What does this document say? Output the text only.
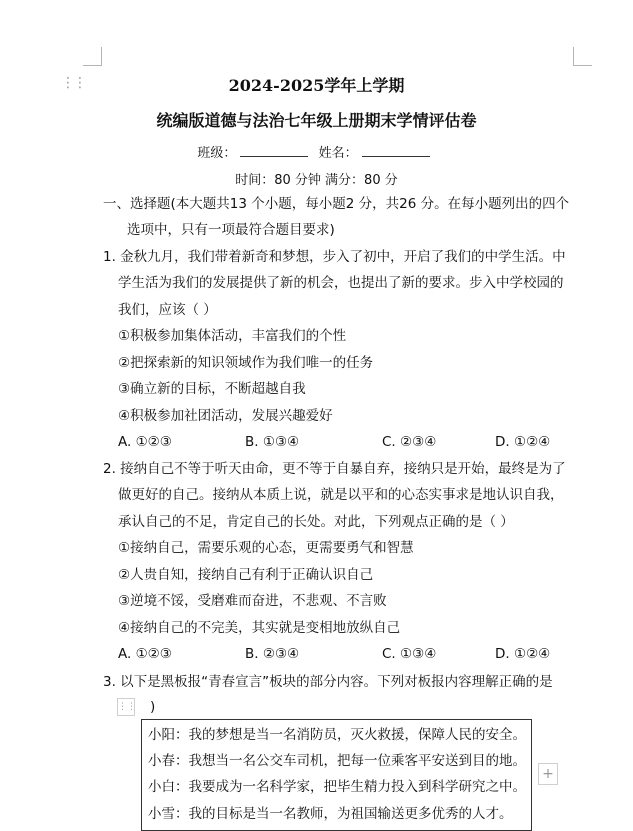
⋮⋮	2024-2025学年上学期
统编版道德与法治七年级上册期末学情评估卷
班级：	姓名：
时间：80 分钟 满分：80 分
一、选择题(本大题共13 个小题，每小题2 分，共26 分。在每小题列出的四个
选项中，只有一项最符合题目要求)
1. 金秋九月，我们带着新奇和梦想，步入了初中，开启了我们的中学生活。中
学生活为我们的发展提供了新的机会，也提出了新的要求。步入中学校园的
我们，应该（ ）
①积极参加集体活动，丰富我们的个性
②把探索新的知识领域作为我们唯一的任务
③确立新的目标，不断超越自我
④积极参加社团活动，发展兴趣爱好
A. ①②③	B. ①③④	C. ②③④	D. ①②④
2. 接纳自己不等于听天由命，更不等于自暴自弃，接纳只是开始，最终是为了
做更好的自己。接纳从本质上说，就是以平和的心态实事求是地认识自我，
承认自己的不足，肯定自己的长处。对此，下列观点正确的是（ ）
①接纳自己，需要乐观的心态，更需要勇气和智慧
②人贵自知，接纳自己有利于正确认识自己
③逆境不馁，受磨难而奋进，不悲观、不言败
④接纳自己的不完美，其实就是变相地放纵自己
A. ①②③	B. ②③④	C. ①③④	D. ①②④
3. 以下是黑板报“青春宣言”板块的部分内容。下列对板报内容理解正确的是
⋮⋮ )
小阳：我的梦想是当一名消防员，灭火救援，保障人民的安全。
小春：我想当一名公交车司机，把每一位乘客平安送到目的地。
小白：我要成为一名科学家，把毕生精力投入到科学研究之中。
小雪：我的目标是当一名教师，为祖国输送更多优秀的人才。
+
